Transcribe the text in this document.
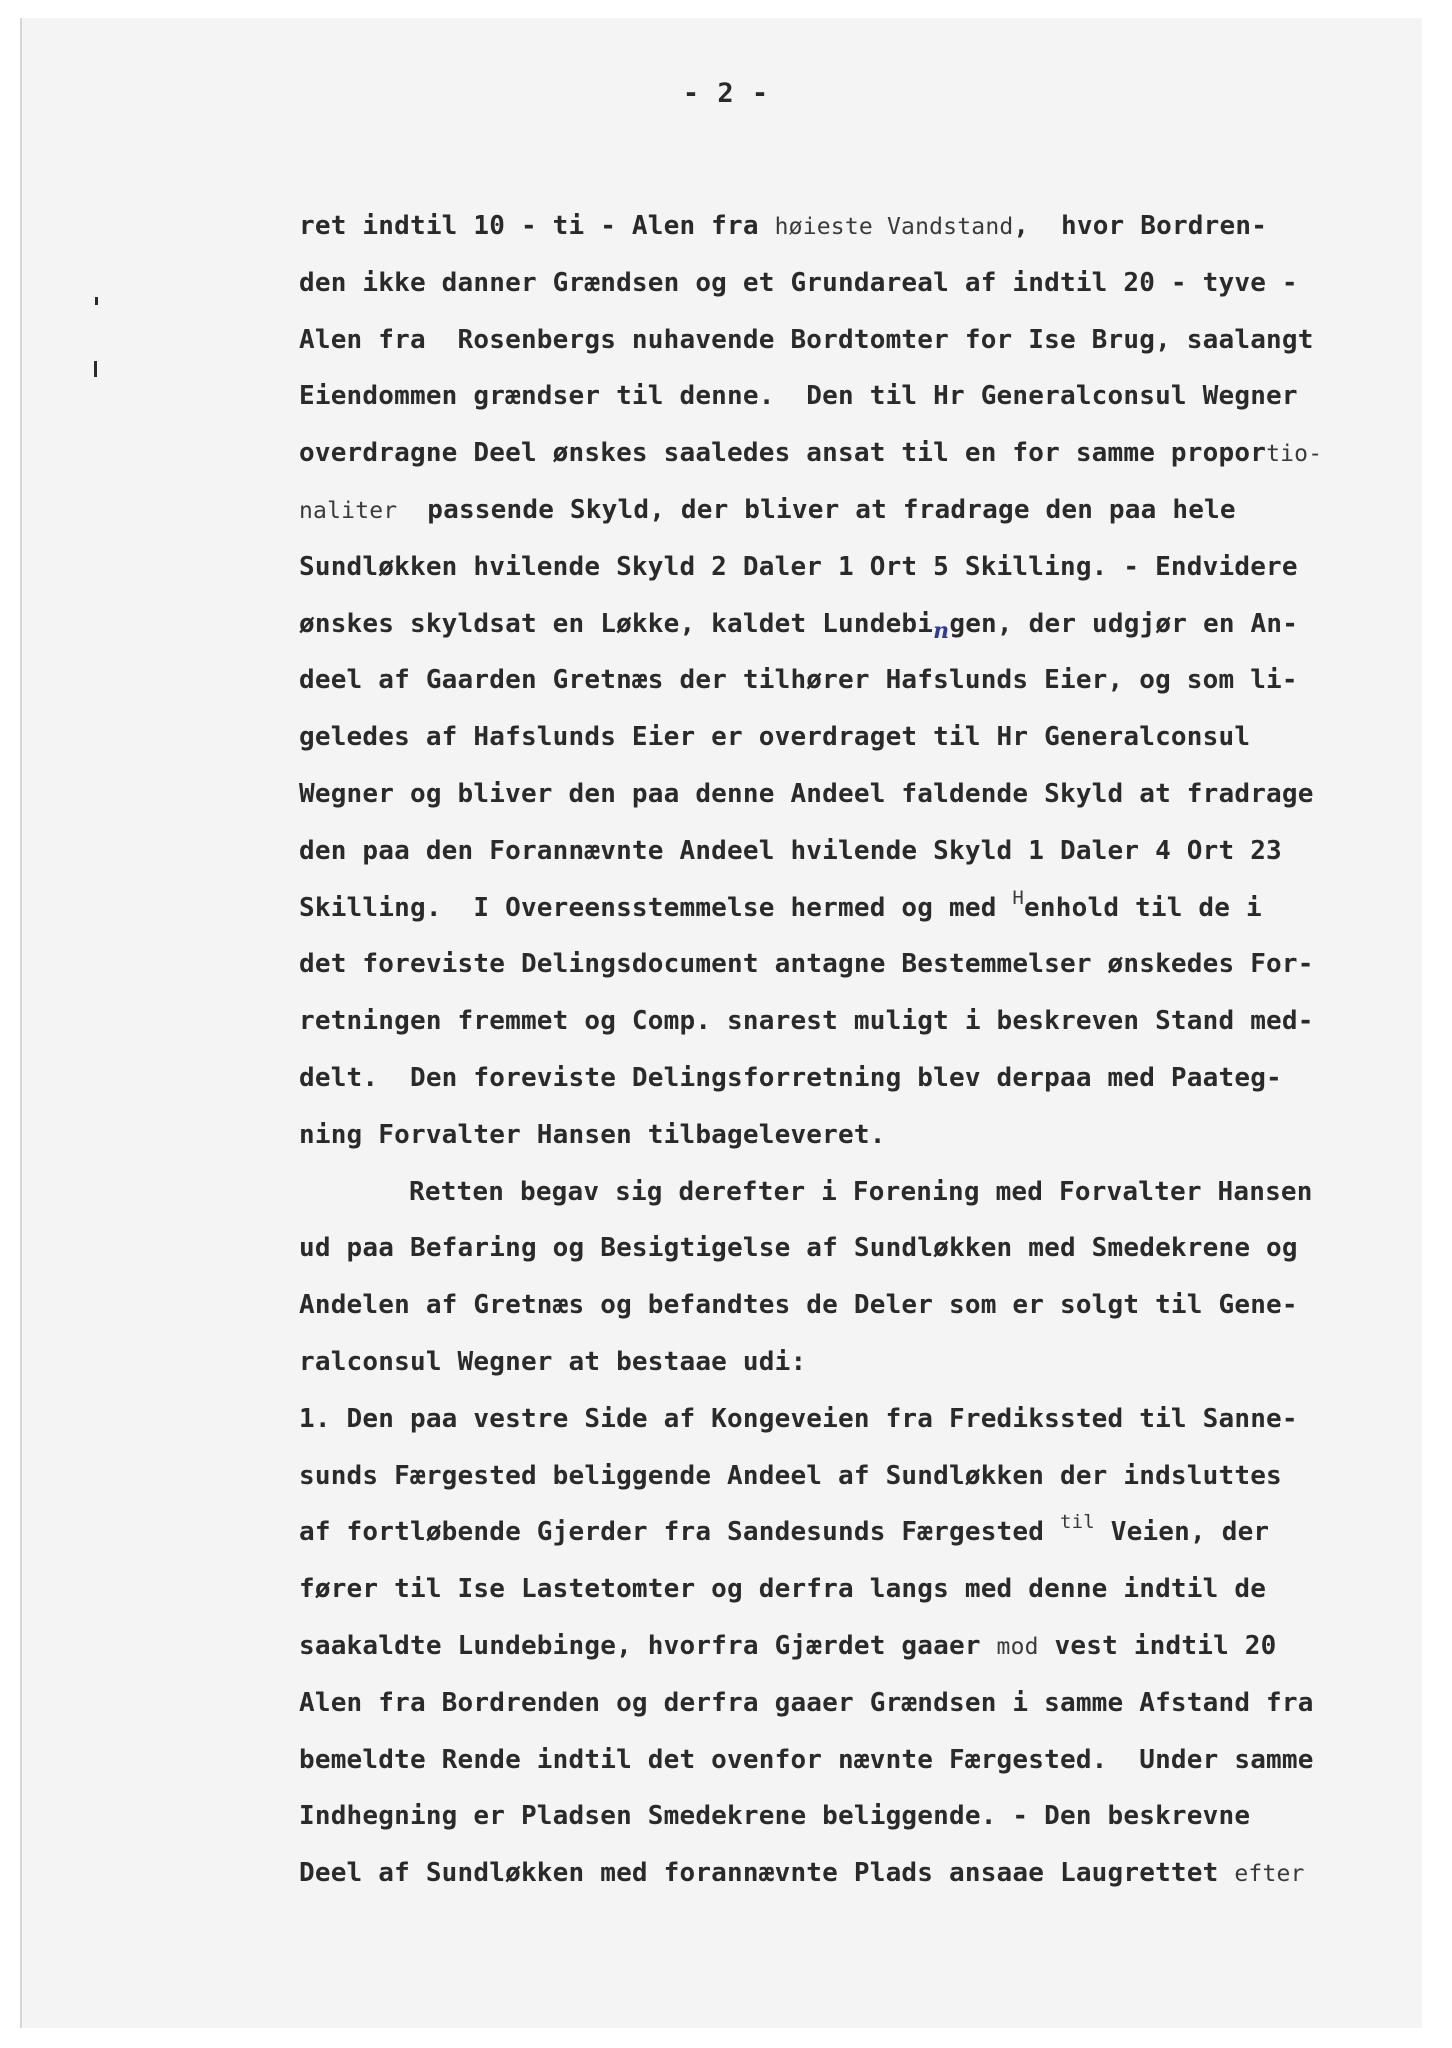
- 2 -
ret indtil 10 - ti - Alen fra høieste Vandstand,  hvor Bordren-
den ikke danner Grændsen og et Grundareal af indtil 20 - tyve -
Alen fra  Rosenbergs nuhavende Bordtomter for Ise Brug, saalangt
Eiendommen grændser til denne.  Den til Hr Generalconsul Wegner
overdragne Deel ønskes saaledes ansat til en for samme proportio-
naliter  passende Skyld, der bliver at fradrage den paa hele
Sundløkken hvilende Skyld 2 Daler 1 Ort 5 Skilling. - Endvidere
ønskes skyldsat en Løkke, kaldet Lundebi$_n$gen, der udgjør en An-
deel af Gaarden Gretnæs der tilhører Hafslunds Eier, og som li-
geledes af Hafslunds Eier er overdraget til Hr Generalconsul
Wegner og bliver den paa denne Andeel faldende Skyld at fradrage
den paa den Forannævnte Andeel hvilende Skyld 1 Daler 4 Ort 23
Skilling.  I Overeensstemmelse hermed og med $^H$enhold til de i
det foreviste Delingsdocument antagne Bestemmelser ønskedes For-
retningen fremmet og Comp. snarest muligt i beskreven Stand med-
delt.  Den foreviste Delingsforretning blev derpaa med Paateg-
ning Forvalter Hansen tilbageleveret.
Retten begav sig derefter i Forening med Forvalter Hansen
ud paa Befaring og Besigtigelse af Sundløkken med Smedekrene og
Andelen af Gretnæs og befandtes de Deler som er solgt til Gene-
ralconsul Wegner at bestaae udi:
1. Den paa vestre Side af Kongeveien fra Fredikssted til Sanne-
sunds Færgested beliggende Andeel af Sundløkken der indsluttes
af fortløbende Gjerder fra Sandesunds Færgested $^{til}$ Veien, der
fører til Ise Lastetomter og derfra langs med denne indtil de
saakaldte Lundebinge, hvorfra Gjærdet gaaer mod vest indtil 20
Alen fra Bordrenden og derfra gaaer Grændsen i samme Afstand fra
bemeldte Rende indtil det ovenfor nævnte Færgested.  Under samme
Indhegning er Pladsen Smedekrene beliggende. - Den beskrevne
Deel af Sundløkken med forannævnte Plads ansaae Laugrettet efter
